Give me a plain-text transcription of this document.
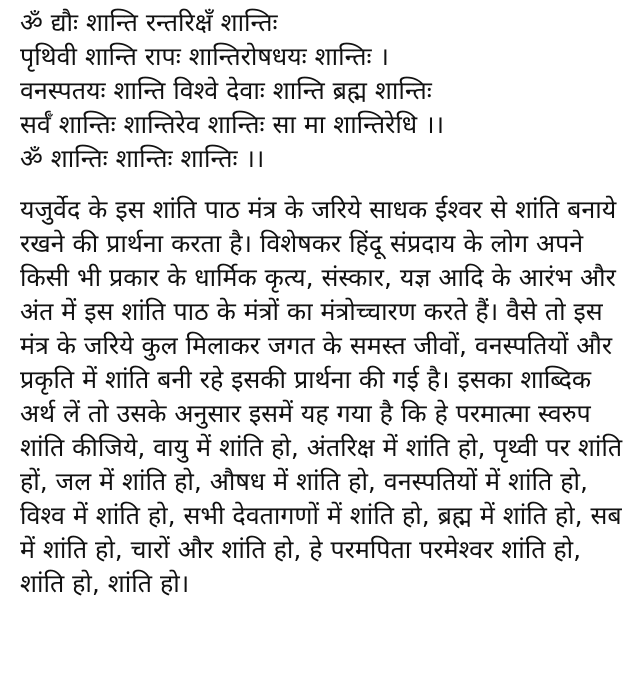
ॐ द्यौः शान्ति रन्तरिक्षँ शान्तिः
पृथिवी शान्ति रापः शान्तिरोषधयः शान्तिः ।
वनस्पतयः शान्ति विश्वे देवाः शान्ति ब्रह्म शान्तिः
सर्वँ शान्तिः शान्तिरेव शान्तिः सा मा शान्तिरेधि ।।
ॐ शान्तिः शान्तिः शान्तिः ।।

यजुर्वेद के इस शांति पाठ मंत्र के जरिये साधक ईश्वर से शांति बनाये रखने की प्रार्थना करता है। विशेषकर हिंदू संप्रदाय के लोग अपने किसी भी प्रकार के धार्मिक कृत्य, संस्कार, यज्ञ आदि के आरंभ और अंत में इस शांति पाठ के मंत्रों का मंत्रोच्चारण करते हैं। वैसे तो इस मंत्र के जरिये कुल मिलाकर जगत के समस्त जीवों, वनस्पतियों और प्रकृति में शांति बनी रहे इसकी प्रार्थना की गई है। इसका शाब्दिक अर्थ लें तो उसके अनुसार इसमें यह गया है कि हे परमात्मा स्वरुप शांति कीजिये, वायु में शांति हो, अंतरिक्ष में शांति हो, पृथ्वी पर शांति हों, जल में शांति हो, औषध में शांति हो, वनस्पतियों में शांति हो, विश्व में शांति हो, सभी देवतागणों में शांति हो, ब्रह्म में शांति हो, सब में शांति हो, चारों और शांति हो, हे परमपिता परमेश्वर शांति हो, शांति हो, शांति हो।
